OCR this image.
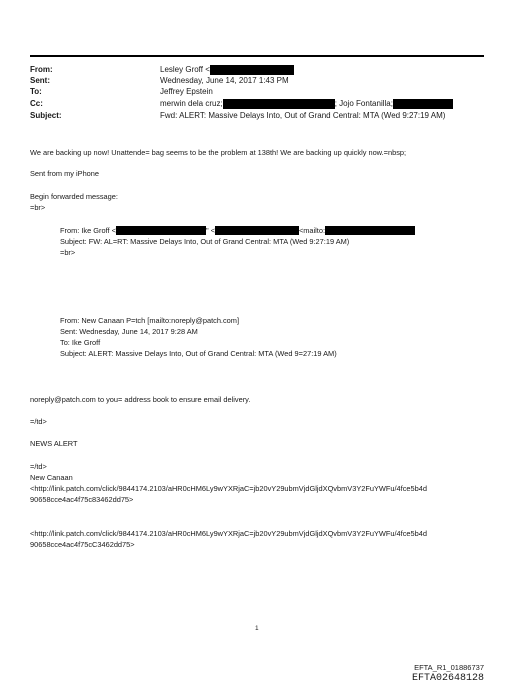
From:	Lesley Groff <
Sent:	Wednesday, June 14, 2017 1:43 PM
To:	Jeffrey Epstein
Cc:	merwin dela cruz;	; Jojo Fontanilla;
Subject:	Fwd: ALERT: Massive Delays Into, Out of Grand Central: MTA (Wed 9:27:19 AM)
We are backing up now! Unattende= bag seems to be the problem at 138th! We are backing up quickly now.=nbsp;
Sent from my iPhone
Begin forwarded message:
=br>
From: Ike Groff <	" <	<mailto:
Subject: FW: AL=RT: Massive Delays Into, Out of Grand Central: MTA (Wed 9:27:19 AM)
=br>
From: New Canaan P=tch [mailto:noreply@patch.com]
Sent: Wednesday, June 14, 2017 9:28 AM
To: Ike Groff
Subject: ALERT: Massive Delays Into, Out of Grand Central: MTA (Wed 9=27:19 AM)
noreply@patch.com to you= address book to ensure email delivery.
=/td>
NEWS ALERT
=/td>
New Canaan
<http://link.patch.com/click/9844174.2103/aHR0cHM6Ly9wYXRjaC=jb20vY29ubmVjdGljdXQvbmV3Y2FuYWFu/4fce5b4d
90658cce4ac4f75c83462dd75>
<http://link.patch.com/click/9844174.2103/aHR0cHM6Ly9wYXRjaC=jb20vY29ubmVjdGljdXQvbmV3Y2FuYWFu/4fce5b4d
90658cce4ac4f75cC3462dd75>
1
EFTA_R1_01886737
EFTA02648128
